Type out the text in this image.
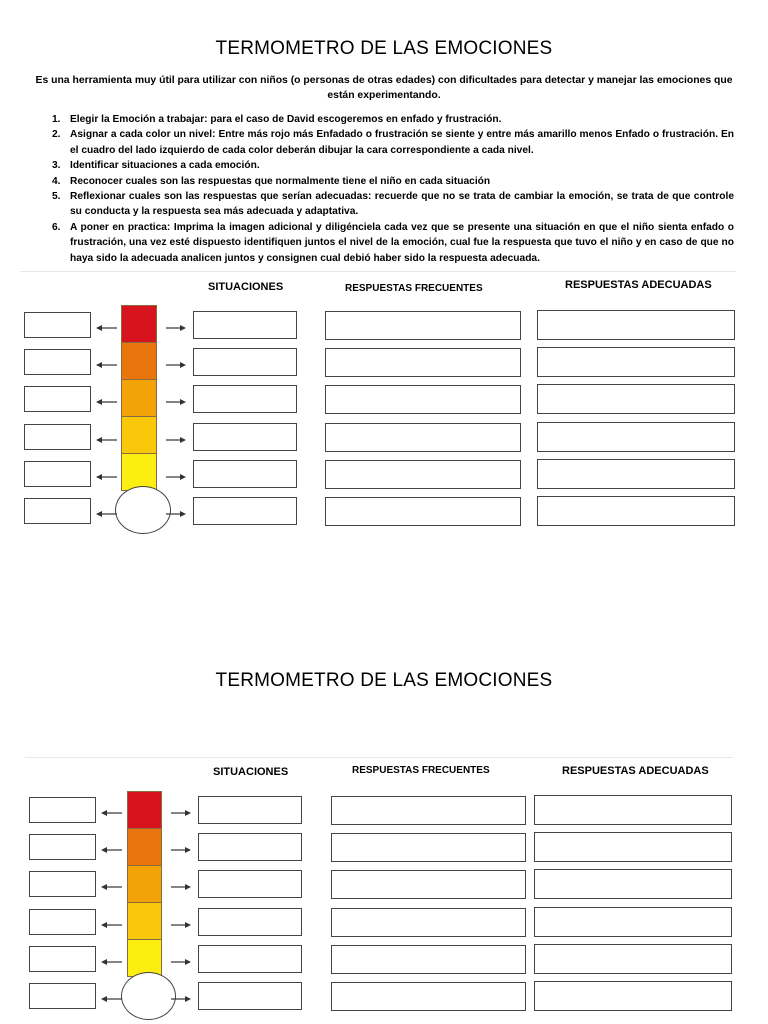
TERMOMETRO DE LAS EMOCIONES
Es una herramienta muy útil para utilizar con niños (o personas de otras edades) con dificultades para detectar y manejar las emociones que están experimentando.
1. Elegir la Emoción a trabajar: para el caso de David escogeremos en enfado y frustración.
2. Asignar a cada color un nivel: Entre más rojo más Enfadado o frustración se siente y entre más amarillo menos Enfado o frustración. En el cuadro del lado izquierdo de cada color deberán dibujar la cara correspondiente a cada nivel.
3. Identificar situaciones a cada emoción.
4. Reconocer cuales son las respuestas que normalmente tiene el niño en cada situación
5. Reflexionar cuales son las respuestas que serían adecuadas: recuerde que no se trata de cambiar la emoción, se trata de que controle su conducta y la respuesta sea más adecuada y adaptativa.
6. A poner en practica: Imprima la imagen adicional y diligénciela cada vez que se presente una situación en que el niño sienta enfado o frustración, una vez esté dispuesto identifiquen juntos el nivel de la emoción, cual fue la respuesta que tuvo el niño y en caso de que no haya sido la adecuada analicen juntos y consignen cual debió haber sido la respuesta adecuada.
SITUACIONES	RESPUESTAS FRECUENTES	RESPUESTAS ADECUADAS
TERMOMETRO DE LAS EMOCIONES
SITUACIONES	RESPUESTAS FRECUENTES	RESPUESTAS ADECUADAS
